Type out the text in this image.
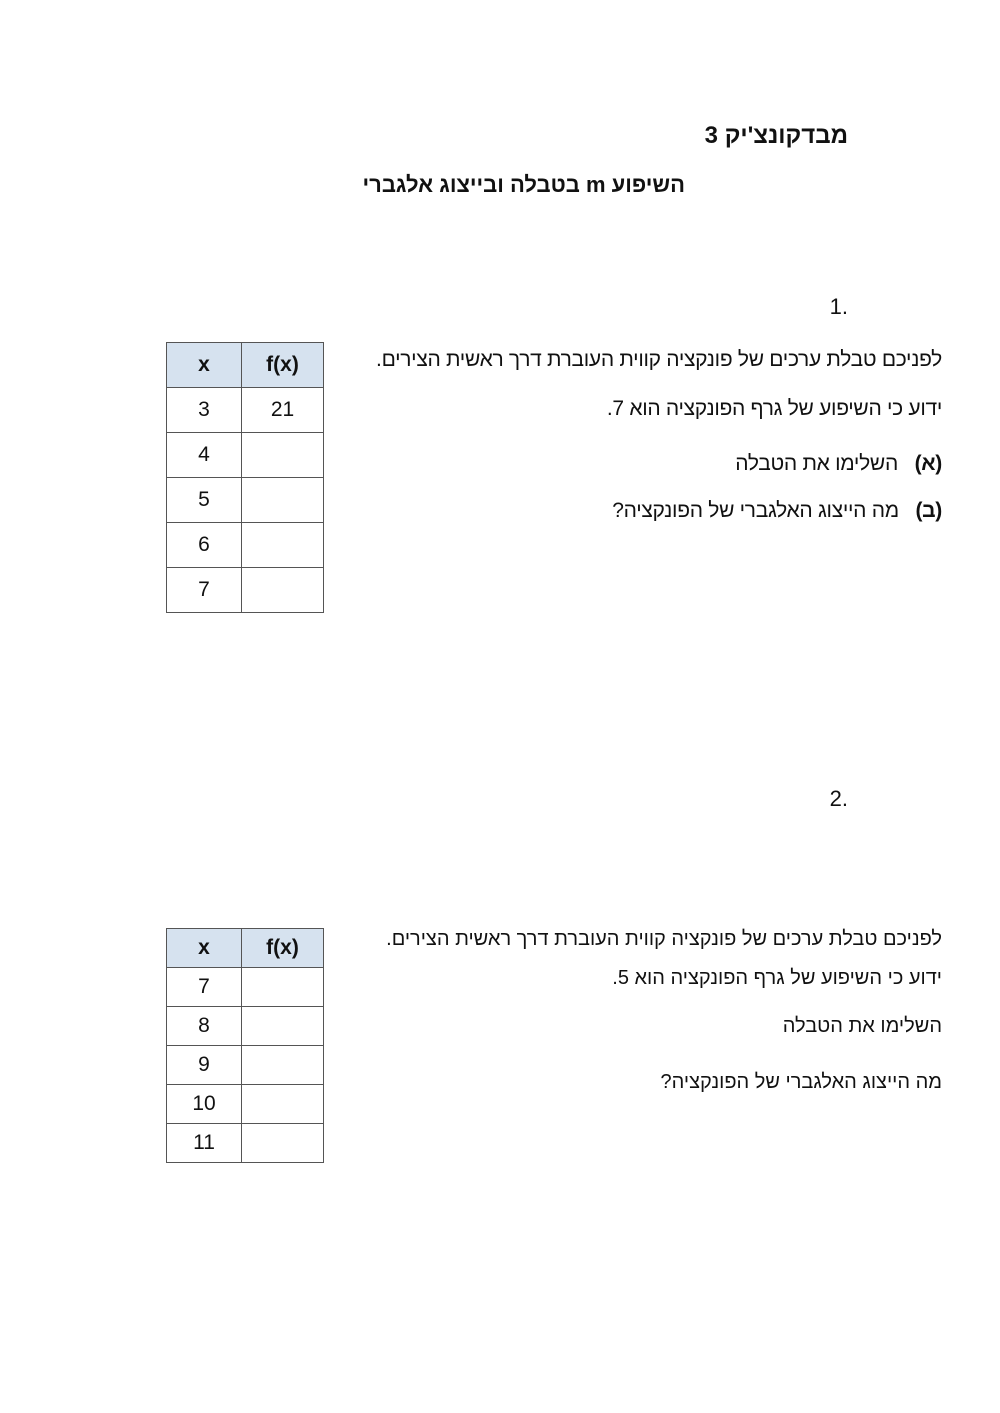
מבדקונצ'יק 3
השיפוע m בטבלה ובייצוג אלגברי
1.
לפניכם טבלת ערכים של פונקציה קווית העוברת דרך ראשית הצירים.
ידוע כי השיפוע של גרף הפונקציה הוא 7.
(א)   השלימו את הטבלה
(ב)   מה הייצוג האלגברי של הפונקציה?
x	f(x)
3	21
4	
5	
6	
7	
2.
לפניכם טבלת ערכים של פונקציה קווית העוברת דרך ראשית הצירים.
ידוע כי השיפוע של גרף הפונקציה הוא 5.
השלימו את הטבלה
מה הייצוג האלגברי של הפונקציה?
x	f(x)
7	
8	
9	
10	
11	
